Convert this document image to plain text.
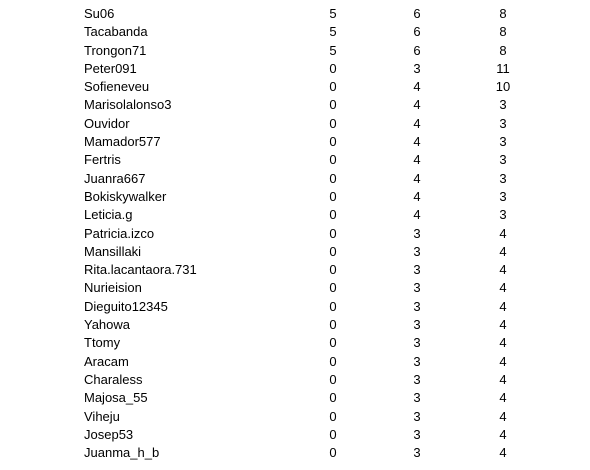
Su06	5	6	8
Tacabanda	5	6	8
Trongon71	5	6	8
Peter091	0	3	11
Sofieneveu	0	4	10
Marisolalonso3	0	4	3
Ouvidor	0	4	3
Mamador577	0	4	3
Fertris	0	4	3
Juanra667	0	4	3
Bokiskywalker	0	4	3
Leticia.g	0	4	3
Patricia.izco	0	3	4
Mansillaki	0	3	4
Rita.lacantaora.731	0	3	4
Nurieision	0	3	4
Dieguito12345	0	3	4
Yahowa	0	3	4
Ttomy	0	3	4
Aracam	0	3	4
Charaless	0	3	4
Majosa_55	0	3	4
Viheju	0	3	4
Josep53	0	3	4
Juanma_h_b	0	3	4
